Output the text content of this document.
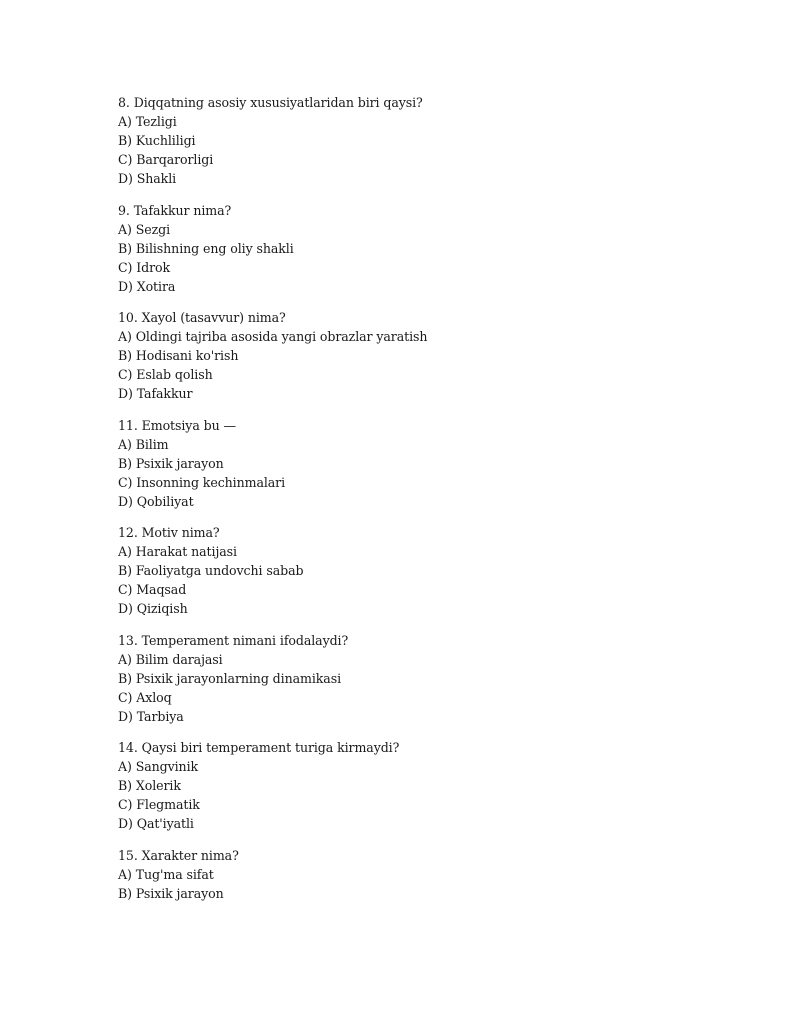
8. Diqqatning asosiy xususiyatlaridan biri qaysi?
A) Tezligi
B) Kuchliligi
C) Barqarorligi
D) Shakli
9. Tafakkur nima?
A) Sezgi
B) Bilishning eng oliy shakli
C) Idrok
D) Xotira
10. Xayol (tasavvur) nima?
A) Oldingi tajriba asosida yangi obrazlar yaratish
B) Hodisani ko'rish
C) Eslab qolish
D) Tafakkur
11. Emotsiya bu —
A) Bilim
B) Psixik jarayon
C) Insonning kechinmalari
D) Qobiliyat
12. Motiv nima?
A) Harakat natijasi
B) Faoliyatga undovchi sabab
C) Maqsad
D) Qiziqish
13. Temperament nimani ifodalaydi?
A) Bilim darajasi
B) Psixik jarayonlarning dinamikasi
C) Axloq
D) Tarbiya
14. Qaysi biri temperament turiga kirmaydi?
A) Sangvinik
B) Xolerik
C) Flegmatik
D) Qat'iyatli
15. Xarakter nima?
A) Tug'ma sifat
B) Psixik jarayon
